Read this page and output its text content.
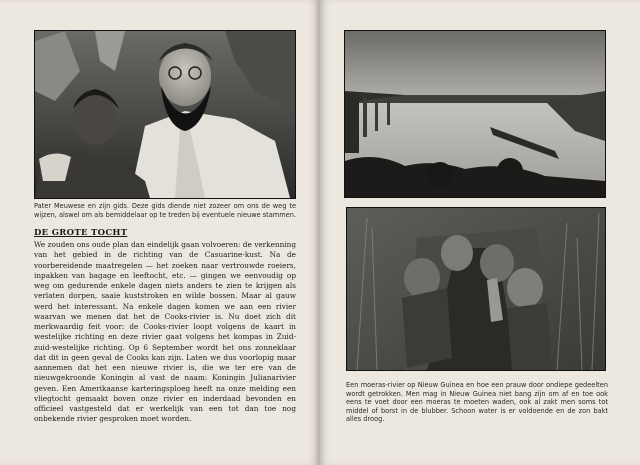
Pater Meuwese en zijn gids. Deze gids diende niet zozeer om ons de weg te wijzen, alswel om als bemiddelaar op te treden bij eventuele nieuwe stammen.

DE GROTE TOCHT

We zouden ons oude plan dan eindelijk gaan volvoeren: de verkenning van het gebied in de richting van de Casuarine-kust. Na de voorbereidende maatregelen — het zoeken naar vertrouwde roeiers, inpakken van bagage en leeftocht, etc. — gingen we eenvoudig op weg om gedurende enkele dagen niets anders te zien te krijgen als verlaten dorpen, saaie kuststroken en wilde bossen. Maar al gauw werd het interessant. Na enkele dagen komen we aan een rivier waarvan we menen dat het de Cooks-rivier is. Nu doet zich dit merkwaardig feit voor: de Cooks-rivier loopt volgens de kaart in westelijke richting en deze rivier gaat volgens het kompas in Zuid-zuid-westelijke richting. Op 6 September wordt het ons zonneklaar dat dit in geen geval de Cooks kan zijn. Laten we dus voorlopig maar aannemen dat het een nieuwe rivier is, die we ter ere van de nieuwgekroonde Koningin al vast de naam: Koningin Julianarivier geven. Een Amerikaanse karteringsploeg heeft na onze melding een vliegtocht gemaakt boven onze rivier en inderdaad bevonden en officieel vastgesteld dat er werkelijk van een tot dan toe nog onbekende rivier gesproken moet worden.

Een moeras-rivier op Nieuw Guinea en hoe een prauw door ondiepe gedeelten wordt getrokken. Men mag in Nieuw Guinea niet bang zijn om af en toe ook eens te voet door een moeras te moeten waden, ook al zakt men soms tot middel of borst in de blubber. Schoon water is er voldoende en de zon bakt alles droog.
